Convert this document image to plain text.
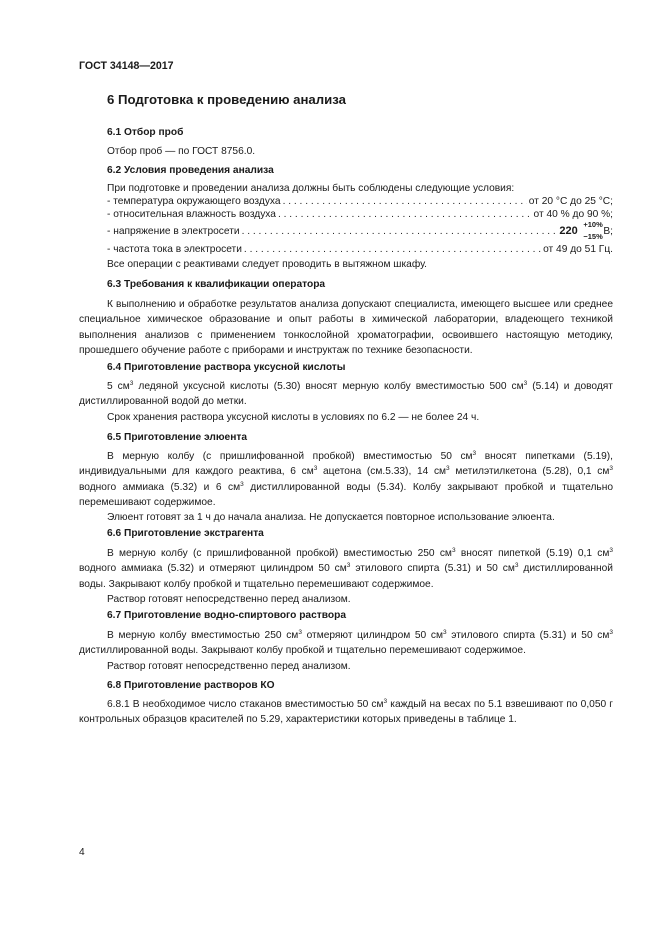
ГОСТ 34148—2017
6 Подготовка к проведению анализа
6.1 Отбор проб
Отбор проб — по ГОСТ 8756.0.
6.2 Условия проведения анализа
При подготовке и проведении анализа должны быть соблюдены следующие условия:
- температура окружающего воздуха . . .	от 20 °С до 25 °С;
- относительная влажность воздуха . . .	от 40 % до 90 %;
- напряжение в электросети . . .	220
+10%
−15% В;
- частота тока в электросети . . .	от 49 до 51 Гц.
Все операции с реактивами следует проводить в вытяжном шкафу.
6.3 Требования к квалификации оператора
К выполнению и обработке результатов анализа допускают специалиста, имеющего высшее или среднее специальное химическое образование и опыт работы в химической лаборатории, владеющего техникой выполнения анализов с применением тонкослойной хроматографии, освоившего настоящую методику, прошедшего обучение работе с приборами и инструктаж по технике безопасности.
6.4 Приготовление раствора уксусной кислоты
5 $см^3$ ледяной уксусной кислоты (5.30) вносят мерную колбу вместимостью 500 $см^3$ (5.14) и доводят дистиллированной водой до метки.
Срок хранения раствора уксусной кислоты в условиях по 6.2 — не более 24 ч.
6.5 Приготовление элюента
В мерную колбу (с пришлифованной пробкой) вместимостью 50 $см^3$ вносят пипетками (5.19), индивидуальными для каждого реактива, 6 $см^3$ ацетона (см.5.33), 14 $см^3$ метилэтилкетона (5.28), 0,1 $см^3$ водного аммиака (5.32) и 6 $см^3$ дистиллированной воды (5.34). Колбу закрывают пробкой и тщательно перемешивают содержимое.
Элюент готовят за 1 ч до начала анализа. Не допускается повторное использование элюента.
6.6 Приготовление экстрагента
В мерную колбу (с пришлифованной пробкой) вместимостью 250 $см^3$ вносят пипеткой (5.19) 0,1 $см^3$ водного аммиака (5.32) и отмеряют цилиндром 50 $см^3$ этилового спирта (5.31) и 50 $см^3$ дистиллированной воды. Закрывают колбу пробкой и тщательно перемешивают содержимое.
Раствор готовят непосредственно перед анализом.
6.7 Приготовление водно-спиртового раствора
В мерную колбу вместимостью 250 $см^3$ отмеряют цилиндром 50 $см^3$ этилового спирта (5.31) и 50 $см^3$ дистиллированной воды. Закрывают колбу пробкой и тщательно перемешивают содержимое.
Раствор готовят непосредственно перед анализом.
6.8 Приготовление растворов КО
6.8.1 В необходимое число стаканов вместимостью 50 $см^3$ каждый на весах по 5.1 взвешивают по 0,050 г контрольных образцов красителей по 5.29, характеристики которых приведены в таблице 1.
4
